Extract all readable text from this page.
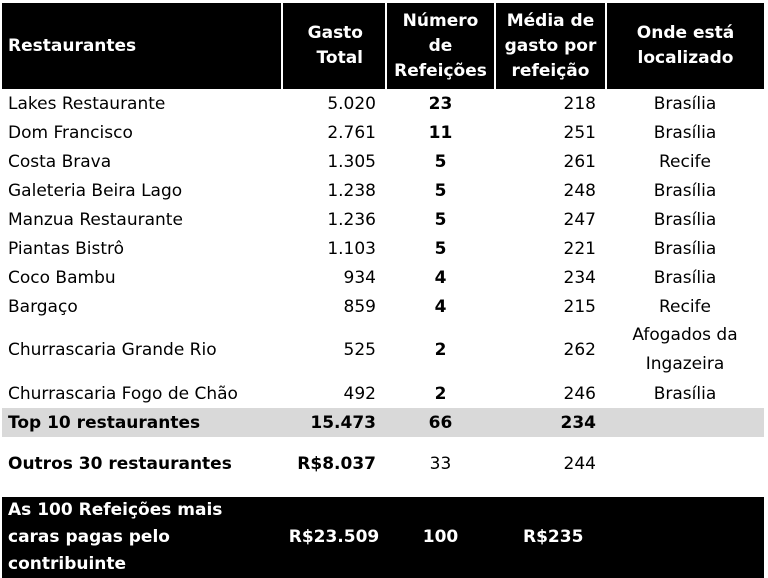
Restaurantes	Gasto Total	Número de Refeições	Média de gasto por refeição	Onde está localizado
Lakes Restaurante	5.020	23	218	Brasília
Dom Francisco	2.761	11	251	Brasília
Costa Brava	1.305	5	261	Recife
Galeteria Beira Lago	1.238	5	248	Brasília
Manzua Restaurante	1.236	5	247	Brasília
Piantas Bistrô	1.103	5	221	Brasília
Coco Bambu	934	4	234	Brasília
Bargaço	859	4	215	Recife
Churrascaria Grande Rio	525	2	262	Afogados da Ingazeira
Churrascaria Fogo de Chão	492	2	246	Brasília
Top 10 restaurantes	15.473	66	234	

Outros 30 restaurantes	R$8.037	33	244	

As 100 Refeições mais caras pagas pelo contribuinte	R$23.509	100	R$235	
